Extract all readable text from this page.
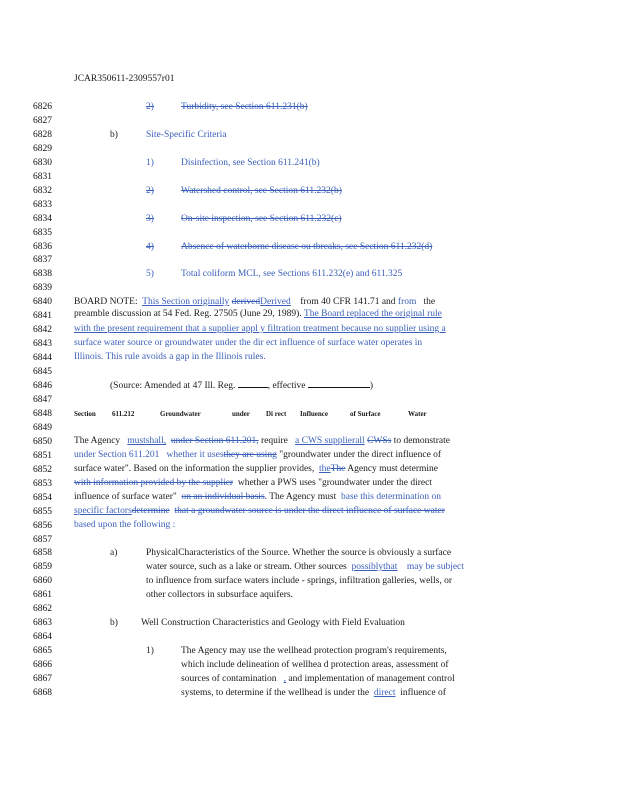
JCAR350611-2309557r01
6826
6827
6828
6829
6830
6831
6832
6833
6834
6835
6836
6837
6838
6839
6840
6841
6842
6843
6844
6845
6846
6847
6848
6849
6850
6851
6852
6853
6854
6855
6856
6857
6858
6859
6860
6861
6862
6863
6864
6865
6866
6867
6868
2)	Turbidity, see Section 611.231(b)
b)	Site-Specific Criteria
1)	Disinfection, see Section 611.241(b)
2)	Watershed control, see Section 611.232(b)
3)	On-site inspection, see Section 611.232(c)
4)	Absence of waterborne disease ou tbreaks, see Section 611.232(d)
5)	Total coliform MCL, see Sections 611.232(e) and 611.325
BOARD NOTE: This Section originally derivedDerived from 40 CFR 141.71 and from the
preamble discussion at 54 Fed. Reg. 27505 (June 29, 1989). The Board replaced the original rule
with the present requirement that a supplier appl y filtration treatment because no supplier using a
surface water source or groundwater under the dir ect influence of surface water operates in
Illinois. This rule avoids a gap in the Illinois rules.
(Source: Amended at 47 Ill. Reg.	, effective	)
Section 611.212	Groundwater	under Di rect Influence	of Surface	Water
The Agency mustshall, under Section 611.201, require a CWS supplierall CWSs to demonstrate
under Section 611.201 whether it usesthey are using "groundwater under the direct influence of
surface water". Based on the information the supplier provides, theThe Agency must determine
with information provided by the supplier whether a PWS uses "groundwater under the direct
influence of surface water" on an individual basis. The Agency must base this determination on
specific factorsdetermine that a groundwater source is under the direct influence of surface water
based upon the following :
a)	PhysicalCharacteristics of the Source. Whether the source is obviously a surface
water source, such as a lake or stream. Other sources possiblythat may be subject
to influence from surface waters include - springs, infiltration galleries, wells, or
other collectors in subsurface aquifers.
b) Well Construction Characteristics and Geology with Field Evaluation
1)	The Agency may use the wellhead protection program's requirements,
which include delineation of wellhea d protection areas, assessment of
sources of contamination , and implementation of management control
systems, to determine if the wellhead is under the direct influence of
